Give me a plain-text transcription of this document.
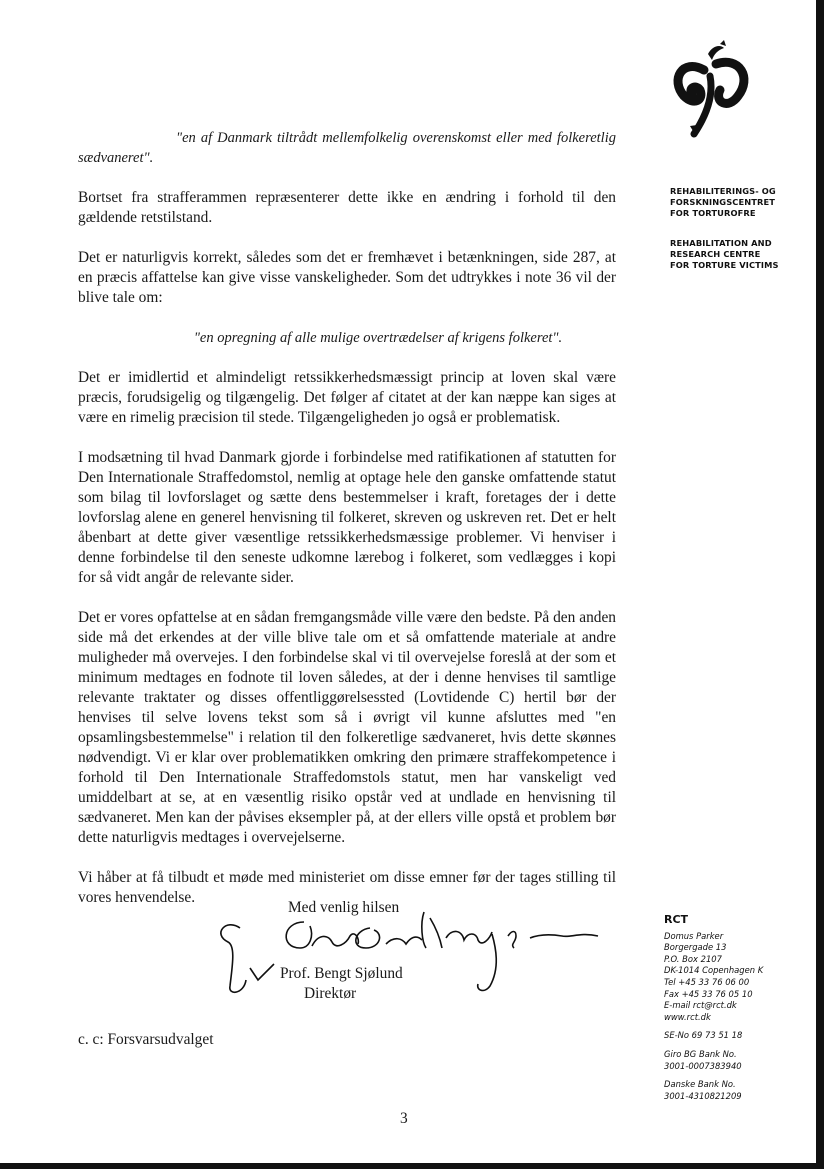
REHABILITERINGS- OG
FORSKNINGSCENTRET
FOR TORTUROFRE

REHABILITATION AND
RESEARCH CENTRE
FOR TORTURE VICTIMS

"en af Danmark tiltrådt mellemfolkelig overenskomst eller med folkeretlig
sædvaneret".

Bortset fra strafferammen repræsenterer dette ikke en ændring i forhold til den gældende retstilstand.

Det er naturligvis korrekt, således som det er fremhævet i betænkningen, side 287, at en præcis affattelse kan give visse vanskeligheder. Som det udtrykkes i note 36 vil der blive tale om:

"en opregning af alle mulige overtrædelser af krigens folkeret".

Det er imidlertid et almindeligt retssikkerhedsmæssigt princip at loven skal være præcis, forudsigelig og tilgængelig. Det følger af citatet at der kan næppe kan siges at være en rimelig præcision til stede. Tilgængeligheden jo også er problematisk.

I modsætning til hvad Danmark gjorde i forbindelse med ratifikationen af statutten for Den Internationale Straffedomstol, nemlig at optage hele den ganske omfattende statut som bilag til lovforslaget og sætte dens bestemmelser i kraft, foretages der i dette lovforslag alene en generel henvisning til folkeret, skreven og uskreven ret. Det er helt åbenbart at dette giver væsentlige retssikkerhedsmæssige problemer. Vi henviser i denne forbindelse til den seneste udkomne lærebog i folkeret, som vedlægges i kopi for så vidt angår de relevante sider.

Det er vores opfattelse at en sådan fremgangsmåde ville være den bedste. På den anden side må det erkendes at der ville blive tale om et så omfattende materiale at andre muligheder må overvejes. I den forbindelse skal vi til overvejelse foreslå at der som et minimum medtages en fodnote til loven således, at der i denne henvises til samtlige relevante traktater og disses offentliggørelsessted (Lovtidende C) hertil bør der henvises til selve lovens tekst som så i øvrigt vil kunne afsluttes med "en opsamlingsbestemmelse" i relation til den folkeretlige sædvaneret, hvis dette skønnes nødvendigt. Vi er klar over problematikken omkring den primære straffekompetence i forhold til Den Internationale Straffedomstols statut, men har vanskeligt ved umiddelbart at se, at en væsentlig risiko opstår ved at undlade en henvisning til sædvaneret. Men kan der påvises eksempler på, at der ellers ville opstå et problem bør dette naturligvis medtages i overvejelserne.

Vi håber at få tilbudt et møde med ministeriet om disse emner før der tages stilling til vores henvendelse.

Med venlig hilsen
Prof. Bengt Sjølund
Direktør
c. c: Forsvarsudvalget
3
RCT
Domus Parker
Borgergade 13
P.O. Box 2107
DK-1014 Copenhagen K
Tel +45 33 76 06 00
Fax +45 33 76 05 10
E-mail rct@rct.dk
www.rct.dk
SE-No 69 73 51 18
Giro BG Bank No.
3001-0007383940
Danske Bank No.
3001-4310821209
